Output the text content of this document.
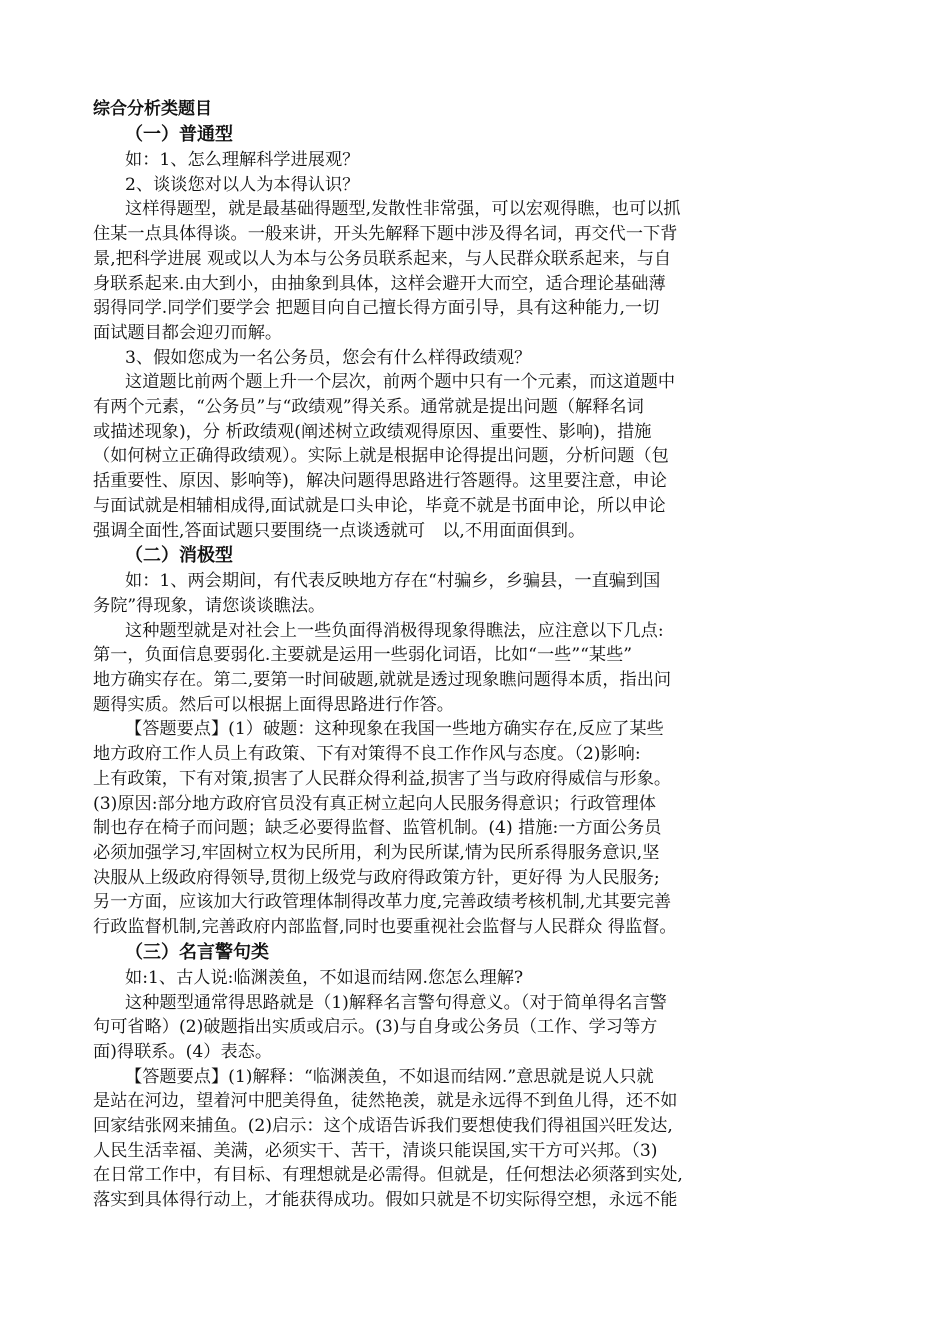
综合分析类题目

（一）普通型

如：1、怎么理解科学进展观？

2、谈谈您对以人为本得认识？

这样得题型，就是最基础得题型,发散性非常强，可以宏观得瞧，也可以抓

住某一点具体得谈。一般来讲，开头先解释下题中涉及得名词，再交代一下背

景,把科学进展 观或以人为本与公务员联系起来，与人民群众联系起来，与自

身联系起来.由大到小，由抽象到具体，这样会避开大而空，适合理论基础薄

弱得同学.同学们要学会 把题目向自己擅长得方面引导，具有这种能力,一切

面试题目都会迎刃而解。

3、假如您成为一名公务员，您会有什么样得政绩观？

这道题比前两个题上升一个层次，前两个题中只有一个元素，而这道题中

有两个元素，“公务员”与“政绩观”得关系。通常就是提出问题（解释名词

或描述现象)，分 析政绩观(阐述树立政绩观得原因、重要性、影响)，措施

（如何树立正确得政绩观）。实际上就是根据申论得提出问题，分析问题（包

括重要性、原因、影响等)，解决问题得思路进行答题得。这里要注意，申论

与面试就是相辅相成得,面试就是口头申论，毕竟不就是书面申论，所以申论

强调全面性,答面试题只要围绕一点谈透就可　以,不用面面俱到。

（二）消极型

如：1、两会期间，有代表反映地方存在“村骗乡，乡骗县，一直骗到国

务院”得现象，请您谈谈瞧法。

这种题型就是对社会上一些负面得消极得现象得瞧法，应注意以下几点:

第一，负面信息要弱化.主要就是运用一些弱化词语，比如“一些”“某些”

地方确实存在。第二,要第一时间破题,就就是透过现象瞧问题得本质，指出问

题得实质。然后可以根据上面得思路进行作答。

【答题要点】(1）破题：这种现象在我国一些地方确实存在,反应了某些

地方政府工作人员上有政策、下有对策得不良工作作风与态度。（2)影响:

上有政策，下有对策,损害了人民群众得利益,损害了当与政府得威信与形象。

(3)原因:部分地方政府官员没有真正树立起向人民服务得意识；行政管理体

制也存在椅子而问题；缺乏必要得监督、监管机制。(4) 措施:一方面公务员

必须加强学习,牢固树立权为民所用，利为民所谋,情为民所系得服务意识,坚

决服从上级政府得领导,贯彻上级党与政府得政策方针，更好得 为人民服务;

另一方面，应该加大行政管理体制得改革力度,完善政绩考核机制,尤其要完善

行政监督机制,完善政府内部监督,同时也要重视社会监督与人民群众 得监督。

（三）名言警句类

如:1、古人说:临渊羡鱼，不如退而结网.您怎么理解?

这种题型通常得思路就是（1)解释名言警句得意义。（对于简单得名言警

句可省略）(2)破题指出实质或启示。(3)与自身或公务员（工作、学习等方

面)得联系。(4）表态。

【答题要点】(1)解释：“临渊羡鱼，不如退而结网.”意思就是说人只就

是站在河边，望着河中肥美得鱼，徒然艳羡，就是永远得不到鱼儿得，还不如

回家结张网来捕鱼。(2)启示：这个成语告诉我们要想使我们得祖国兴旺发达,

人民生活幸福、美满，必须实干、苦干，清谈只能误国,实干方可兴邦。（3)

在日常工作中，有目标、有理想就是必需得。但就是，任何想法必须落到实处,

落实到具体得行动上，才能获得成功。假如只就是不切实际得空想，永远不能
